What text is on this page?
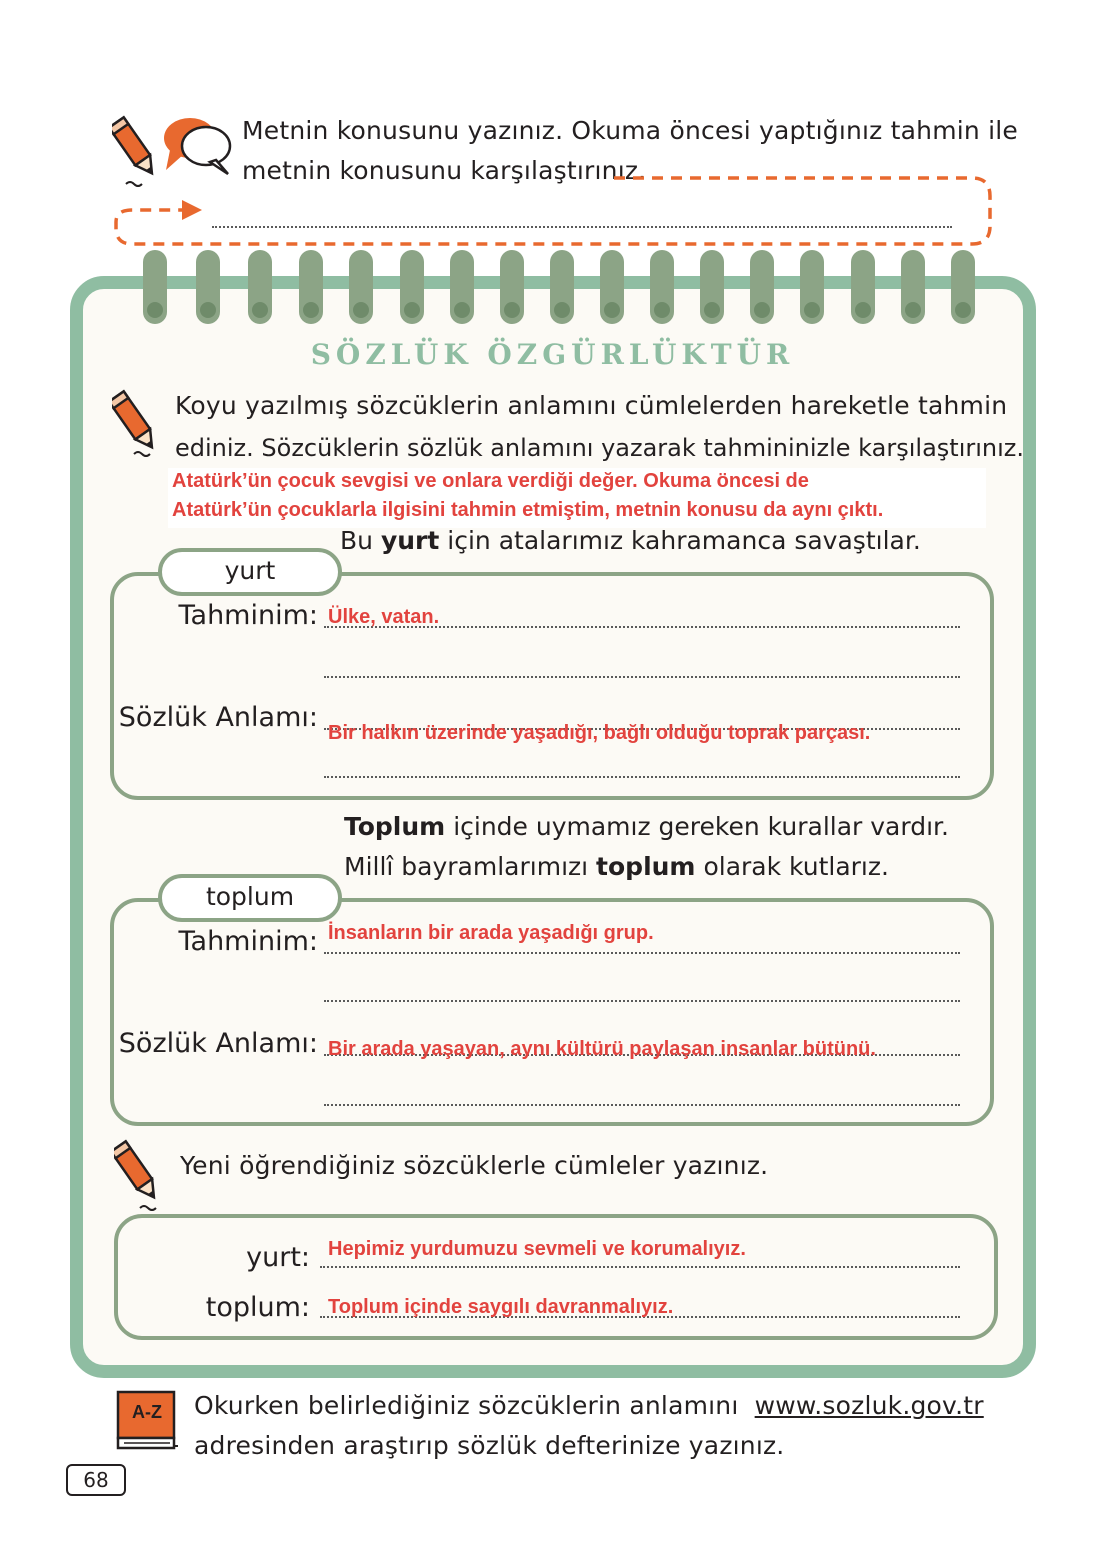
Metnin konusunu yazınız. Okuma öncesi yaptığınız tahmin ile
metnin konusunu karşılaştırınız.
SÖZLÜK ÖZGÜRLÜKTÜR
Koyu yazılmış sözcüklerin anlamını cümlelerden hareketle tahmin
ediniz. Sözcüklerin sözlük anlamını yazarak tahmininizle karşılaştırınız.
Atatürk’ün çocuk sevgisi ve onlara verdiği değer. Okuma öncesi de
Atatürk’ün çocuklarla ilgisini tahmin etmiştim, metnin konusu da aynı çıktı.
Bu yurt için atalarımız kahramanca savaştılar.
yurt
Tahminim: Ülke, vatan.
Sözlük Anlamı: Bir halkın üzerinde yaşadığı, bağlı olduğu toprak parçası.
Toplum içinde uymamız gereken kurallar vardır.
Millî bayramlarımızı toplum olarak kutlarız.
toplum
Tahminim: İnsanların bir arada yaşadığı grup.
Sözlük Anlamı: Bir arada yaşayan, aynı kültürü paylaşan insanlar bütünü.
Yeni öğrendiğiniz sözcüklerle cümleler yazınız.
yurt: Hepimiz yurdumuzu sevmeli ve korumalıyız.
toplum: Toplum içinde saygılı davranmalıyız.
A-Z	Okurken belirlediğiniz sözcüklerin anlamını www.sozluk.gov.tr
adresinden araştırıp sözlük defterinize yazınız.
68
